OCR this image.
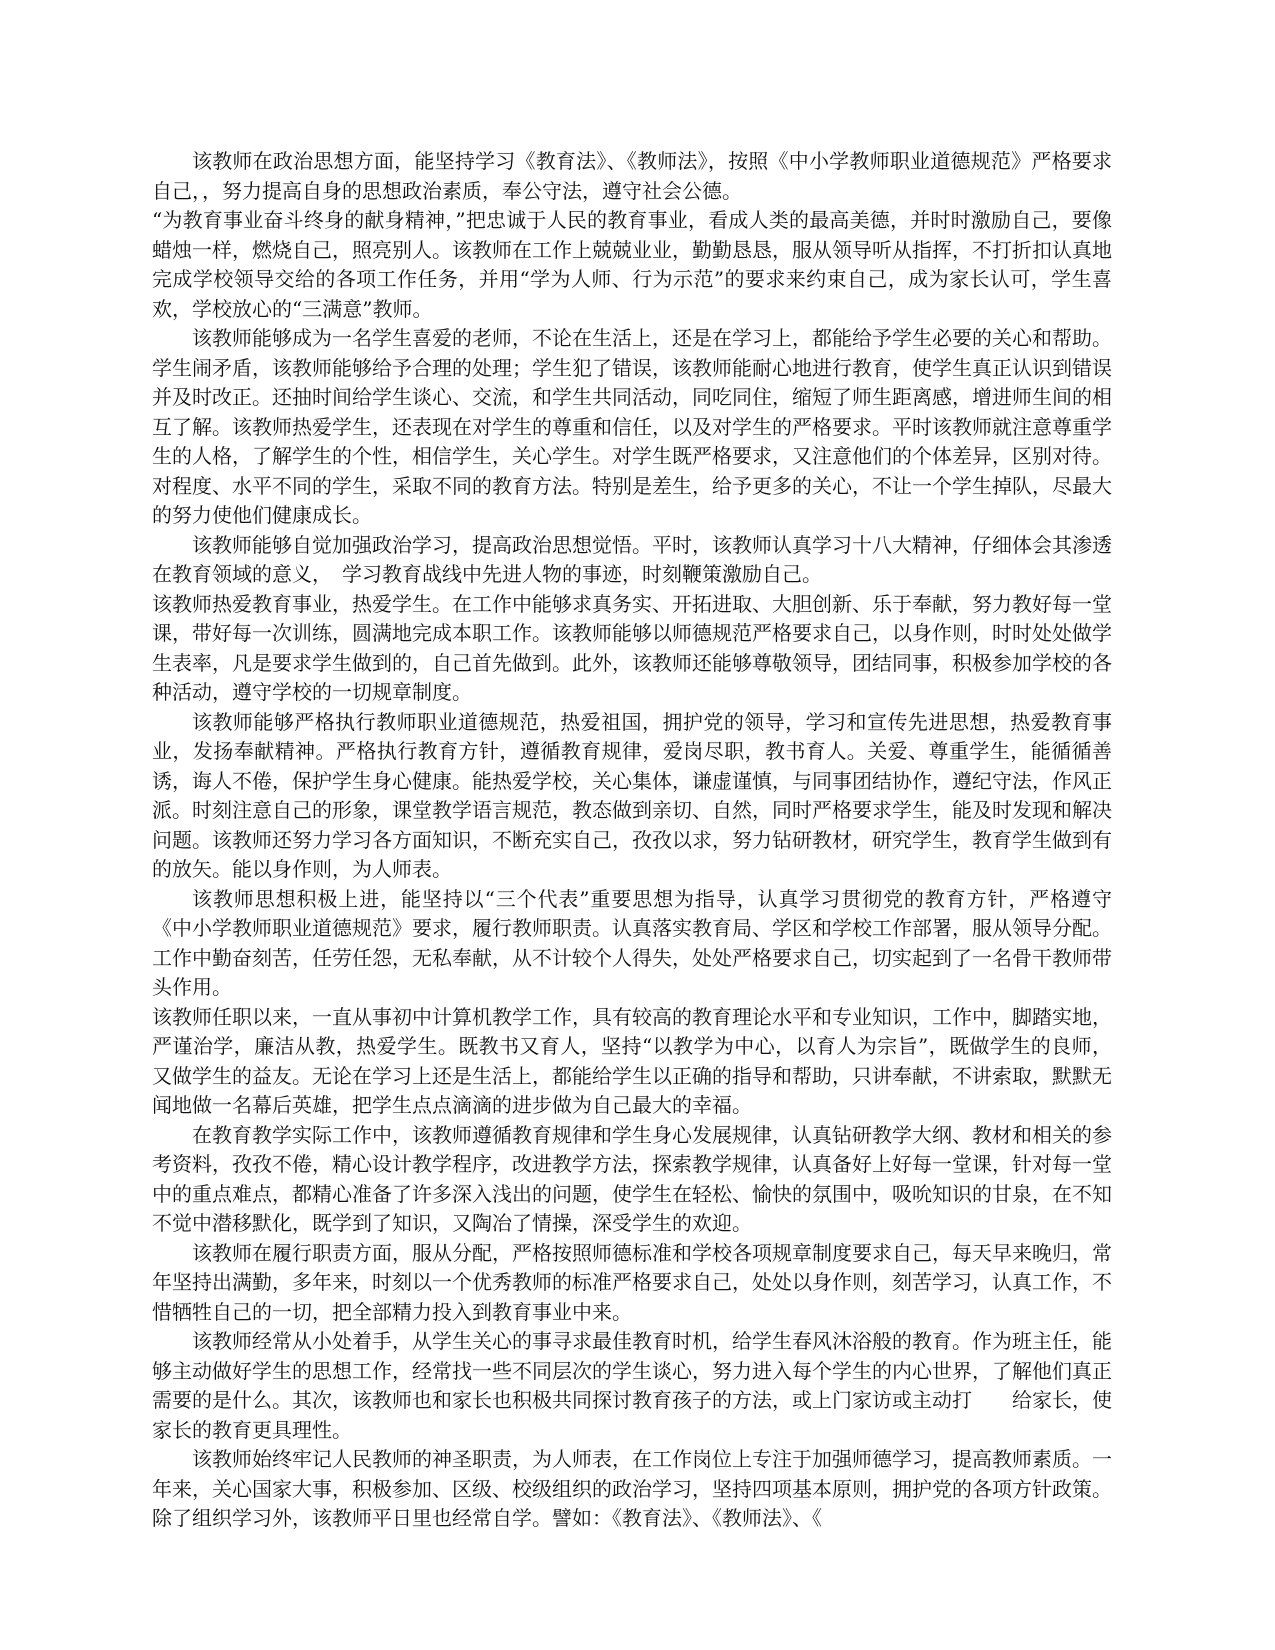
该教师在政治思想方面，能坚持学习《教育法》、《教师法》，按照《中小学教师职业道德规范》严格要求自己，，努力提高自身的思想政治素质，奉公守法，遵守社会公德。

“为教育事业奋斗终身的献身精神，”把忠诚于人民的教育事业，看成人类的最高美德，并时时激励自己，要像蜡烛一样，燃烧自己，照亮别人。该教师在工作上兢兢业业，勤勤恳恳，服从领导听从指挥，不打折扣认真地完成学校领导交给的各项工作任务，并用“学为人师、行为示范”的要求来约束自己，成为家长认可，学生喜欢，学校放心的“三满意”教师。

该教师能够成为一名学生喜爱的老师，不论在生活上，还是在学习上，都能给予学生必要的关心和帮助。学生闹矛盾，该教师能够给予合理的处理；学生犯了错误，该教师能耐心地进行教育，使学生真正认识到错误并及时改正。还抽时间给学生谈心、交流，和学生共同活动，同吃同住，缩短了师生距离感，增进师生间的相互了解。该教师热爱学生，还表现在对学生的尊重和信任，以及对学生的严格要求。平时该教师就注意尊重学生的人格，了解学生的个性，相信学生，关心学生。对学生既严格要求，又注意他们的个体差异，区别对待。对程度、水平不同的学生，采取不同的教育方法。特别是差生，给予更多的关心，不让一个学生掉队，尽最大的努力使他们健康成长。

该教师能够自觉加强政治学习，提高政治思想觉悟。平时，该教师认真学习十八大精神，仔细体会其渗透在教育领域的意义，　学习教育战线中先进人物的事迹，时刻鞭策激励自己。

该教师热爱教育事业，热爱学生。在工作中能够求真务实、开拓进取、大胆创新、乐于奉献，努力教好每一堂课，带好每一次训练，圆满地完成本职工作。该教师能够以师德规范严格要求自己，以身作则，时时处处做学生表率，凡是要求学生做到的，自己首先做到。此外，该教师还能够尊敬领导，团结同事，积极参加学校的各种活动，遵守学校的一切规章制度。

该教师能够严格执行教师职业道德规范，热爱祖国，拥护党的领导，学习和宣传先进思想，热爱教育事业，发扬奉献精神。严格执行教育方针，遵循教育规律，爱岗尽职，教书育人。关爱、尊重学生，能循循善诱，诲人不倦，保护学生身心健康。能热爱学校，关心集体，谦虚谨慎，与同事团结协作，遵纪守法，作风正派。时刻注意自己的形象，课堂教学语言规范，教态做到亲切、自然，同时严格要求学生，能及时发现和解决问题。该教师还努力学习各方面知识，不断充实自己，孜孜以求，努力钻研教材，研究学生，教育学生做到有的放矢。能以身作则，为人师表。

该教师思想积极上进，能坚持以“三个代表”重要思想为指导，认真学习贯彻党的教育方针，严格遵守《中小学教师职业道德规范》要求，履行教师职责。认真落实教育局、学区和学校工作部署，服从领导分配。工作中勤奋刻苦，任劳任怨，无私奉献，从不计较个人得失，处处严格要求自己，切实起到了一名骨干教师带头作用。

该教师任职以来，一直从事初中计算机教学工作，具有较高的教育理论水平和专业知识，工作中，脚踏实地，严谨治学，廉洁从教，热爱学生。既教书又育人，坚持“以教学为中心，以育人为宗旨”，既做学生的良师，又做学生的益友。无论在学习上还是生活上，都能给学生以正确的指导和帮助，只讲奉献，不讲索取，默默无闻地做一名幕后英雄，把学生点点滴滴的进步做为自己最大的幸福。

在教育教学实际工作中，该教师遵循教育规律和学生身心发展规律，认真钻研教学大纲、教材和相关的参考资料，孜孜不倦，精心设计教学程序，改进教学方法，探索教学规律，认真备好上好每一堂课，针对每一堂中的重点难点，都精心准备了许多深入浅出的问题，使学生在轻松、愉快的氛围中，吸吮知识的甘泉，在不知不觉中潜移默化，既学到了知识，又陶冶了情操，深受学生的欢迎。

该教师在履行职责方面，服从分配，严格按照师德标准和学校各项规章制度要求自己，每天早来晚归，常年坚持出满勤，多年来，时刻以一个优秀教师的标准严格要求自己，处处以身作则，刻苦学习，认真工作，不惜牺牲自己的一切，把全部精力投入到教育事业中来。

该教师经常从小处着手，从学生关心的事寻求最佳教育时机，给学生春风沐浴般的教育。作为班主任，能够主动做好学生的思想工作，经常找一些不同层次的学生谈心，努力进入每个学生的内心世界，了解他们真正需要的是什么。其次，该教师也和家长也积极共同探讨教育孩子的方法，或上门家访或主动打　　给家长，使家长的教育更具理性。

该教师始终牢记人民教师的神圣职责，为人师表，在工作岗位上专注于加强师德学习，提高教师素质。一年来，关心国家大事，积极参加、区级、校级组织的政治学习，坚持四项基本原则，拥护党的各项方针政策。除了组织学习外，该教师平日里也经常自学。譬如：《教育法》、《教师法》、《
